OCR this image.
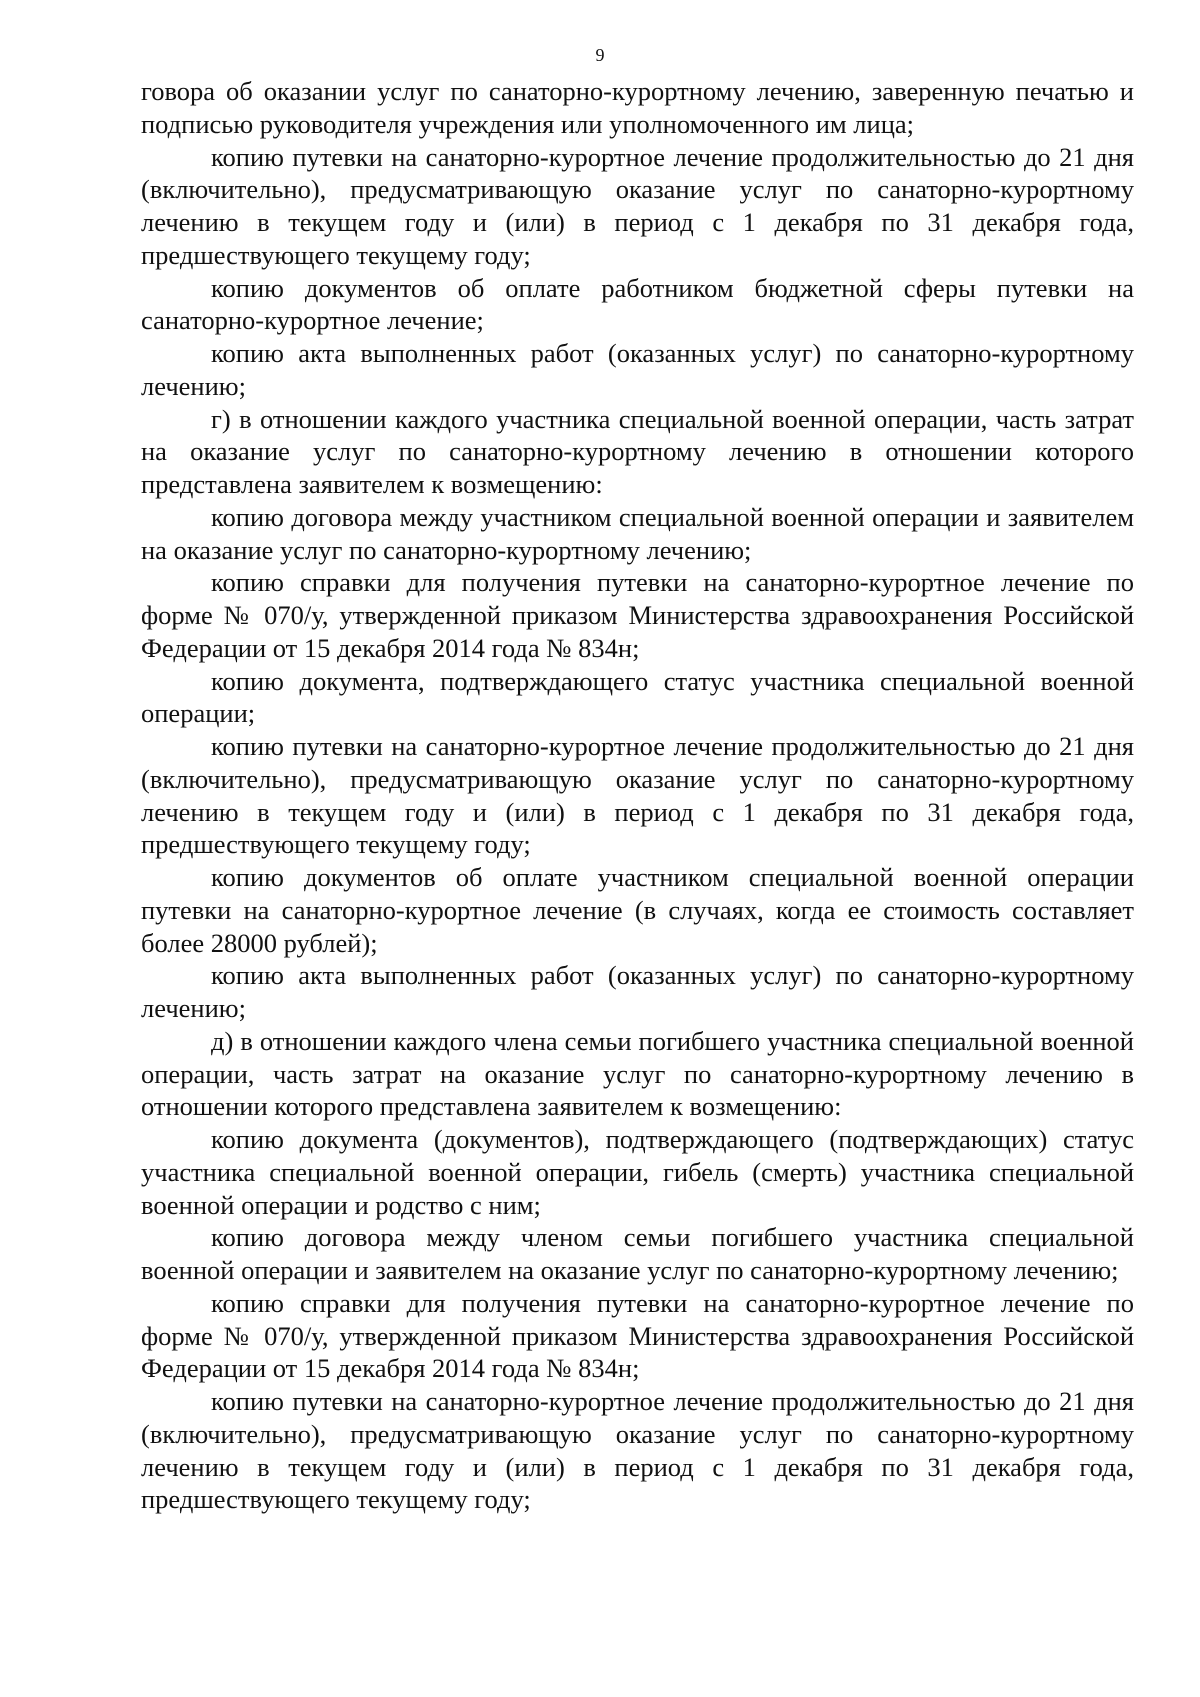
9

говора об оказании услуг по санаторно-курортному лечению, заверенную печатью и подписью руководителя учреждения или уполномоченного им лица;

копию путевки на санаторно-курортное лечение продолжительностью до 21 дня (включительно), предусматривающую оказание услуг по санаторно-курортному лечению в текущем году и (или) в период с 1 декабря по 31 декабря года, предшествующего текущему году;

копию документов об оплате работником бюджетной сферы путевки на санаторно-курортное лечение;

копию акта выполненных работ (оказанных услуг) по санаторно-курортному лечению;

г) в отношении каждого участника специальной военной операции, часть затрат на оказание услуг по санаторно-курортному лечению в отношении которого представлена заявителем к возмещению:

копию договора между участником специальной военной операции и заявителем на оказание услуг по санаторно-курортному лечению;

копию справки для получения путевки на санаторно-курортное лечение по форме № 070/у, утвержденной приказом Министерства здравоохранения Российской Федерации от 15 декабря 2014 года № 834н;

копию документа, подтверждающего статус участника специальной военной операции;

копию путевки на санаторно-курортное лечение продолжительностью до 21 дня (включительно), предусматривающую оказание услуг по санаторно-курортному лечению в текущем году и (или) в период с 1 декабря по 31 декабря года, предшествующего текущему году;

копию документов об оплате участником специальной военной операции путевки на санаторно-курортное лечение (в случаях, когда ее стоимость составляет более 28000 рублей);

копию акта выполненных работ (оказанных услуг) по санаторно-курортному лечению;

д) в отношении каждого члена семьи погибшего участника специальной военной операции, часть затрат на оказание услуг по санаторно-курортному лечению в отношении которого представлена заявителем к возмещению:

копию документа (документов), подтверждающего (подтверждающих) статус участника специальной военной операции, гибель (смерть) участника специальной военной операции и родство с ним;

копию договора между членом семьи погибшего участника специальной военной операции и заявителем на оказание услуг по санаторно-курортному лечению;

копию справки для получения путевки на санаторно-курортное лечение по форме № 070/у, утвержденной приказом Министерства здравоохранения Российской Федерации от 15 декабря 2014 года № 834н;

копию путевки на санаторно-курортное лечение продолжительностью до 21 дня (включительно), предусматривающую оказание услуг по санаторно-курортному лечению в текущем году и (или) в период с 1 декабря по 31 декабря года, предшествующего текущему году;
